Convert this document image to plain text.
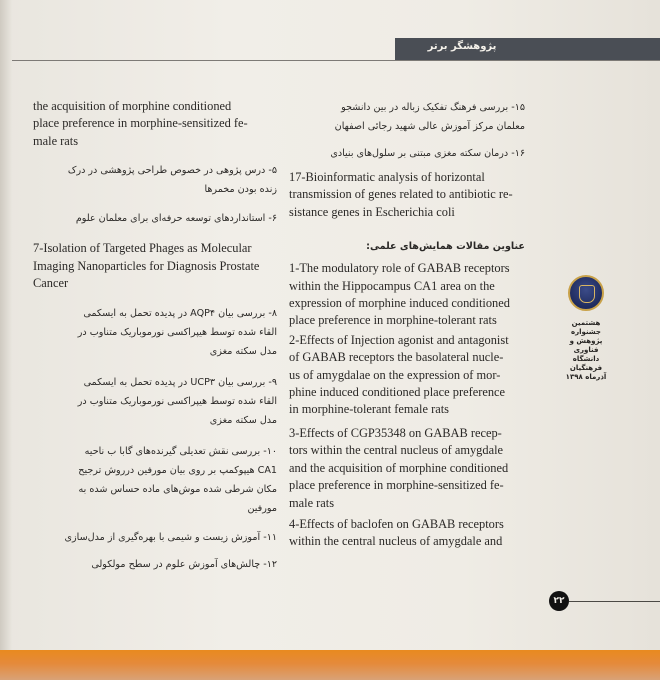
پژوهشگر برتر

the acquisition of morphine conditioned
place preference in morphine-sensitized fe-
male rats

۵- درس پژوهی در خصوص طراحی پژوهشی در درک
زنده بودن مخمرها

۶- استانداردهای توسعه حرفه‌ای برای معلمان علوم

7-Isolation of Targeted Phages as Molecular
Imaging Nanoparticles for Diagnosis Prostate
Cancer

۸- بررسی بیان AQP۴ در پدیده تحمل به ایسکمی
القاء شده توسط هیپراکسی نورموباریک متناوب در
مدل سکته مغزی

۹- بررسی بیان UCP۳ در پدیده تحمل به ایسکمی
القاء شده توسط هیپراکسی نورموباریک متناوب در
مدل سکته مغزی

۱۰- بررسی نقش تعدیلی گیرنده‌های گابا ب ناحیه
CA1 هیپوکمپ بر روی بیان مورفین درروش ترجیح
مکان شرطی شده موش‌های ماده حساس شده به
مورفین

۱۱- آموزش زیست و شیمی با بهره‌گیری از مدل‌سازی

۱۲- چالش‌های آموزش علوم در سطح مولکولی

۱۵- بررسی فرهنگ تفکیک زباله در بین دانشجو
معلمان مرکز آموزش عالی شهید رجائی اصفهان

۱۶- درمان سکته مغزی مبتنی بر سلول‌های بنیادی

17-Bioinformatic analysis of horizontal
transmission of genes related to antibiotic re-
sistance genes in Escherichia coli

عناوین مقالات همایش‌های علمی:

1-The modulatory role of GABAB receptors
within the Hippocampus CA1 area on the
expression of morphine induced conditioned
place preference in morphine-tolerant rats

2-Effects of Injection agonist and antagonist
of GABAB receptors the basolateral nucle-
us of amygdalae on the expression of mor-
phine induced conditioned place preference
in morphine-tolerant female rats

3-Effects of CGP35348 on GABAB recep-
tors within the central nucleus of amygdale
and the acquisition of morphine conditioned
place preference in morphine-sensitized fe-
male rats

4-Effects of baclofen on GABAB receptors
within the central nucleus of amygdale and

هشتمین جشنواره
پژوهش و فناوری
دانشگاه فرهنگیان
آذرماه ۱۳۹۸
۲۲
